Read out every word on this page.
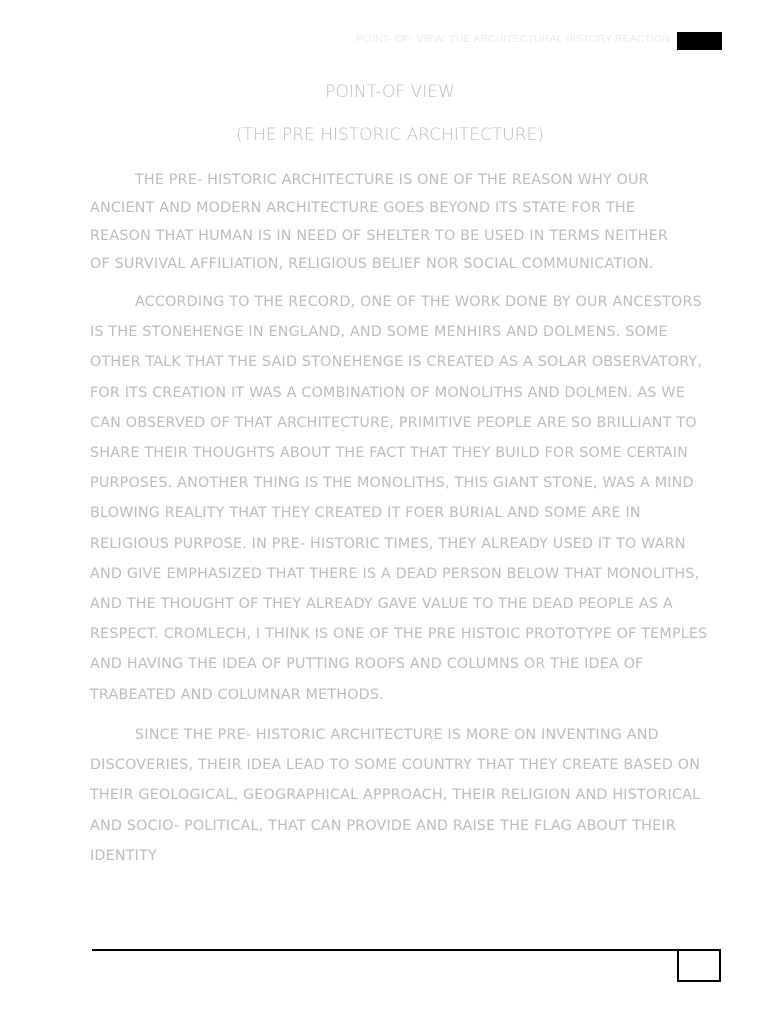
POINT- OF- VIEW: THE ARCHITECTURAL HISTORY REACTION
POINT-OF VIEW
(THE PRE HISTORIC ARCHITECTURE)
THE PRE- HISTORIC ARCHITECTURE IS ONE OF THE REASON WHY OUR
ANCIENT AND MODERN ARCHITECTURE GOES BEYOND ITS STATE FOR THE
REASON THAT HUMAN IS IN NEED OF SHELTER TO BE USED IN TERMS NEITHER
OF SURVIVAL AFFILIATION, RELIGIOUS BELIEF NOR SOCIAL COMMUNICATION.
ACCORDING TO THE RECORD, ONE OF THE WORK DONE BY OUR ANCESTORS
IS THE STONEHENGE IN ENGLAND, AND SOME MENHIRS AND DOLMENS. SOME
OTHER TALK THAT THE SAID STONEHENGE IS CREATED AS A SOLAR OBSERVATORY,
FOR ITS CREATION IT WAS A COMBINATION OF MONOLITHS AND DOLMEN. AS WE
CAN OBSERVED OF THAT ARCHITECTURE, PRIMITIVE PEOPLE ARE SO BRILLIANT TO
SHARE THEIR THOUGHTS ABOUT THE FACT THAT THEY BUILD FOR SOME CERTAIN
PURPOSES. ANOTHER THING IS THE MONOLITHS, THIS GIANT STONE, WAS A MIND
BLOWING REALITY THAT THEY CREATED IT FOER BURIAL AND SOME ARE IN
RELIGIOUS PURPOSE. IN PRE- HISTORIC TIMES, THEY ALREADY USED IT TO WARN
AND GIVE EMPHASIZED THAT THERE IS A DEAD PERSON BELOW THAT MONOLITHS,
AND THE THOUGHT OF THEY ALREADY GAVE VALUE TO THE DEAD PEOPLE AS A
RESPECT. CROMLECH, I THINK IS ONE OF THE PRE HISTOIC PROTOTYPE OF TEMPLES
AND HAVING THE IDEA OF PUTTING ROOFS AND COLUMNS OR THE IDEA OF
TRABEATED AND COLUMNAR METHODS.
SINCE THE PRE- HISTORIC ARCHITECTURE IS MORE ON INVENTING AND
DISCOVERIES, THEIR IDEA LEAD TO SOME COUNTRY THAT THEY CREATE BASED ON
THEIR GEOLOGICAL, GEOGRAPHICAL APPROACH, THEIR RELIGION AND HISTORICAL
AND SOCIO- POLITICAL, THAT CAN PROVIDE AND RAISE THE FLAG ABOUT THEIR
IDENTITY
